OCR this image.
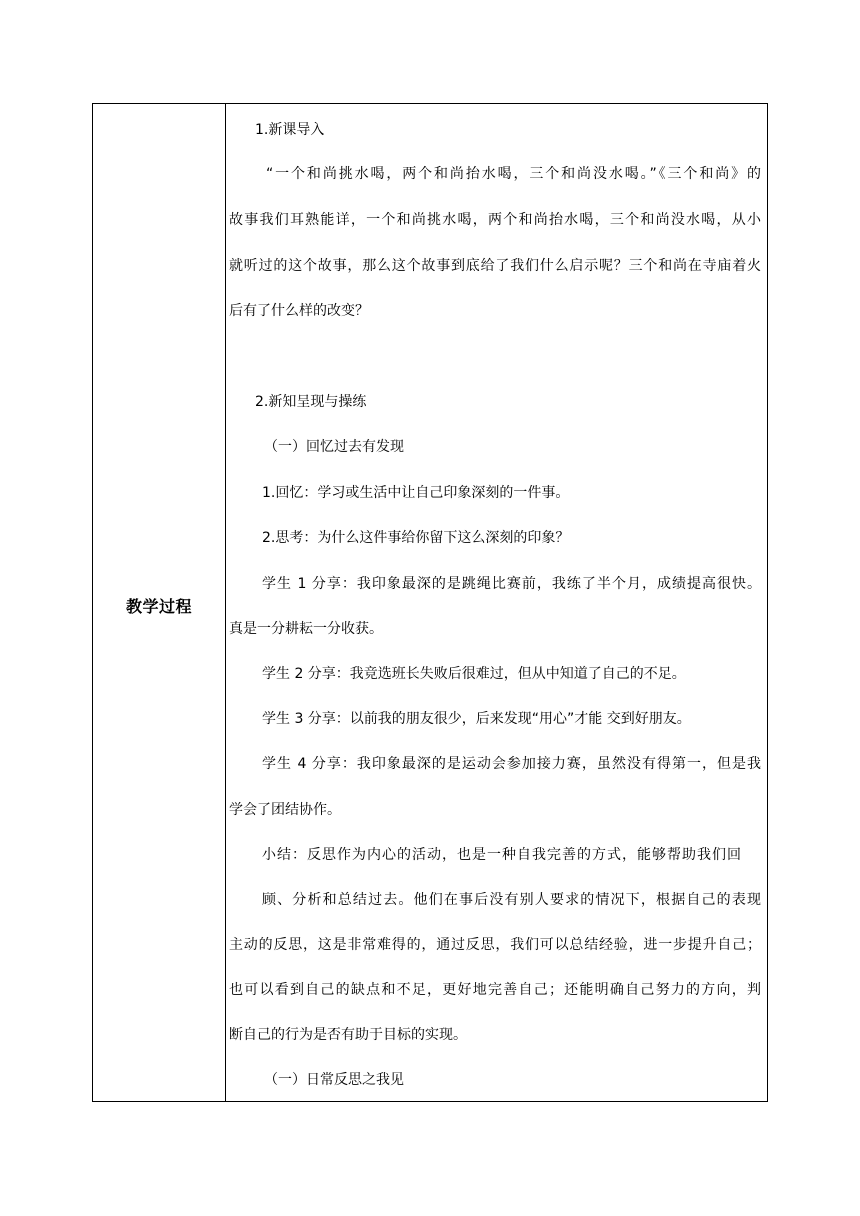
教学过程
1.新课导入
“一个和尚挑水喝，两个和尚抬水喝，三个和尚没水喝。”《三个和尚》的
故事我们耳熟能详，一个和尚挑水喝，两个和尚抬水喝，三个和尚没水喝，从小
就听过的这个故事，那么这个故事到底给了我们什么启示呢？三个和尚在寺庙着火
后有了什么样的改变？
2.新知呈现与操练
（一）回忆过去有发现
1.回忆：学习或生活中让自己印象深刻的一件事。
2.思考：为什么这件事给你留下这么深刻的印象？
学生 1 分享：我印象最深的是跳绳比赛前，我练了半个月，成绩提高很快。
真是一分耕耘一分收获。
学生 2 分享：我竞选班长失败后很难过，但从中知道了自己的不足。
学生 3 分享：以前我的朋友很少，后来发现“用心”才能 交到好朋友。
学生 4 分享：我印象最深的是运动会参加接力赛，虽然没有得第一，但是我
学会了团结协作。
小结：反思作为内心的活动，也是一种自我完善的方式，能够帮助我们回
顾、分析和总结过去。他们在事后没有别人要求的情况下，根据自己的表现
主动的反思，这是非常难得的，通过反思，我们可以总结经验，进一步提升自己；
也可以看到自己的缺点和不足，更好地完善自己；还能明确自己努力的方向，判
断自己的行为是否有助于目标的实现。
（一）日常反思之我见
